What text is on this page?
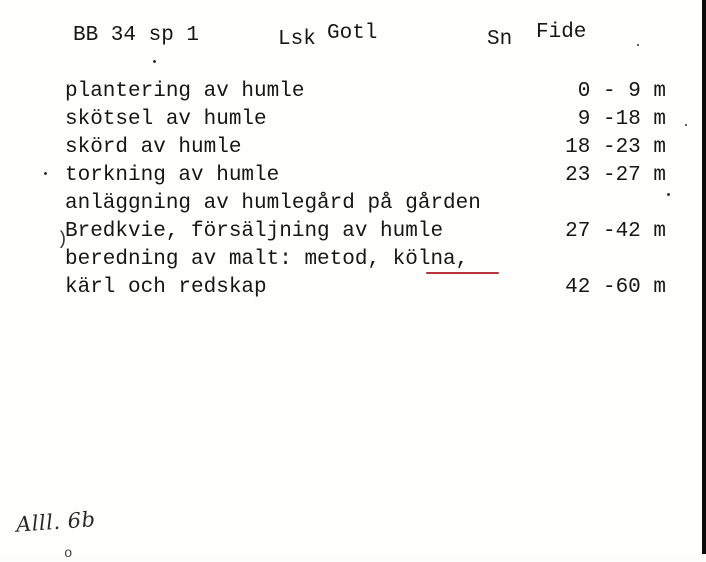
BB 34 sp 1	Lsk Gotl	Sn Fide
plantering av humle	0 - 9 m
skötsel av humle	9 -18 m
skörd av humle	18 -23 m
torkning av humle	23 -27 m
anläggning av humlegård på gården
Bredkvie, försäljning av humle	27 -42 m
beredning av malt: metod, kölna,
kärl och redskap	42 -60 m
)
Alll. 6b
o
